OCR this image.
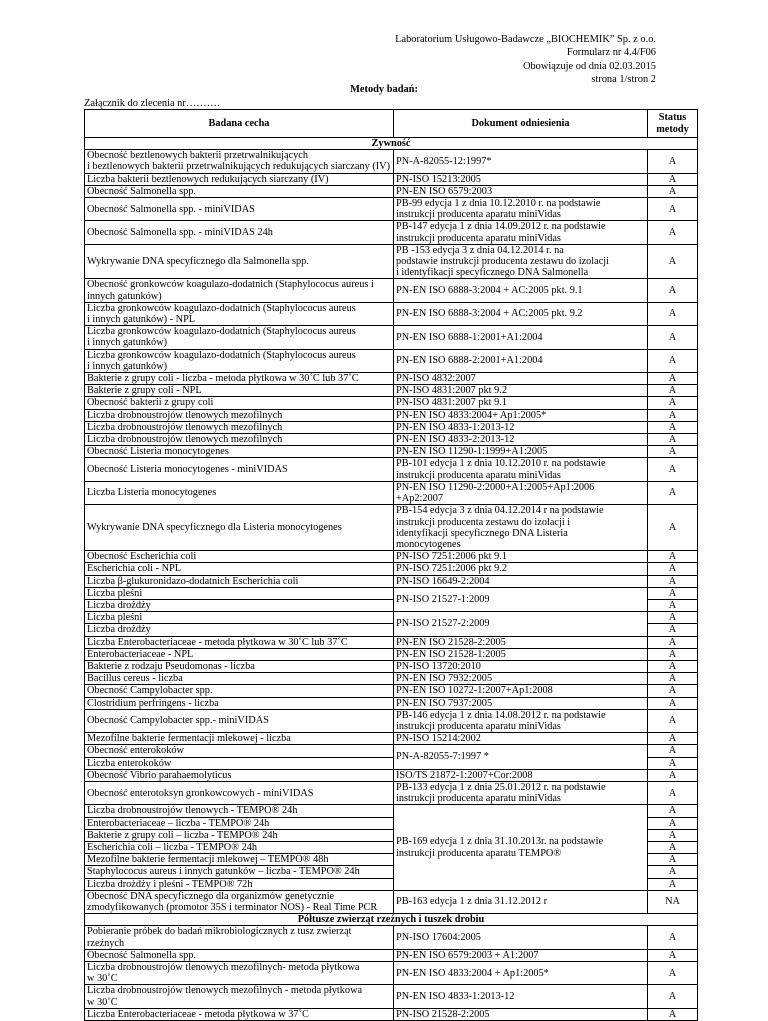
Laboratorium Usługowo-Badawcze „BIOCHEMIK” Sp. z o.o.
Formularz nr 4.4/F06
Obowiązuje od dnia 02.03.2015
strona 1/stron 2
Metody badań:
Załącznik do zlecenia nr……….
Badana cecha	Dokument odniesienia	Status metody
Żywność		
Obecność beztlenowych bakterii przetrwalnikujących
i beztlenowych bakterii przetrwalnikujących redukujących siarczany (IV)	PN-A-82055-12:1997*	A
Liczba bakterii beztlenowych redukujących siarczany (IV)	PN-ISO 15213:2005	A
Obecność Salmonella spp.	PN-EN ISO 6579:2003	A
Obecność Salmonella spp. - miniVIDAS	PB-99 edycja 1 z dnia 10.12.2010 r. na podstawie
instrukcji producenta aparatu miniVidas	A
Obecność Salmonella spp. - miniVIDAS 24h	PB-147 edycja 1 z dnia 14.09.2012 r. na podstawie
instrukcji producenta aparatu miniVidas	A
Wykrywanie DNA specyficznego dla Salmonella spp.	PB -153 edycja 3 z dnia 04.12.2014 r. na
podstawie instrukcji producenta zestawu do izolacji
i identyfikacji specyficznego DNA Salmonella	A
Obecność gronkowców koagulazo-dodatnich (Staphylococus aureus i
innych gatunków)	PN-EN ISO 6888-3:2004 + AC:2005 pkt. 9.1	A
Liczba gronkowców koagulazo-dodatnich (Staphylococus aureus
i innych gatunków) - NPL	PN-EN ISO 6888-3:2004 + AC:2005 pkt. 9.2	A
Liczba gronkowców koagulazo-dodatnich (Staphylococus aureus
i innych gatunków)	PN-EN ISO 6888-1:2001+A1:2004	A
Liczba gronkowców koagulazo-dodatnich (Staphylococus aureus
i innych gatunków)	PN-EN ISO 6888-2:2001+A1:2004	A
Bakterie z grupy coli - liczba - metoda płytkowa w 30˚C lub 37˚C	PN-ISO 4832:2007	A
Bakterie z grupy coli - NPL	PN-ISO 4831:2007 pkt 9.2	A
Obecność bakterii z grupy coli	PN-ISO 4831:2007 pkt 9.1	A
Liczba drobnoustrojów tlenowych mezofilnych	PN-EN ISO 4833:2004+ Ap1:2005*	A
Liczba drobnoustrojów tlenowych mezofilnych	PN-EN ISO 4833-1:2013-12	A
Liczba drobnoustrojów tlenowych mezofilnych	PN-EN ISO 4833-2:2013-12	A
Obecność Listeria monocytogenes	PN-EN ISO 11290-1:1999+A1:2005	A
Obecność Listeria monocytogenes - miniVIDAS	PB-101 edycja 1 z dnia 10.12.2010 r. na podstawie
instrukcji producenta aparatu miniVidas	A
Liczba Listeria monocytogenes	PN-EN ISO 11290-2:2000+A1:2005+Ap1:2006
+Ap2:2007	A
Wykrywanie DNA specyficznego dla Listeria monocytogenes	PB-154 edycja 3 z dnia 04.12.2014 r na podstawie
instrukcji producenta zestawu do izolacji i
identyfikacji specyficznego DNA Listeria
monocytogenes	A
Obecność Escherichia coli	PN-ISO 7251:2006 pkt 9.1	A
Escherichia coli - NPL	PN-ISO 7251:2006 pkt 9.2	A
Liczba β-glukuronidazo-dodatnich Escherichia coli	PN-ISO 16649-2:2004	A
Liczba pleśni	PN-ISO 21527-1:2009	A
Liczba drożdży		A
Liczba pleśni	PN-ISO 21527-2:2009	A
Liczba drożdży		A
Liczba Enterobacteriaceae - metoda płytkowa w 30˚C lub 37˚C	PN-EN ISO 21528-2:2005	A
Enterobacteriaceae - NPL	PN-EN ISO 21528-1:2005	A
Bakterie z rodzaju Pseudomonas - liczba	PN-ISO 13720:2010	A
Bacillus cereus - liczba	PN-EN ISO 7932:2005	A
Obecność Campylobacter spp.	PN-EN ISO 10272-1:2007+Ap1:2008	A
Clostridium perfringens - liczba	PN-EN ISO 7937:2005	A
Obecność Campylobacter spp.- miniVIDAS	PB-146 edycja 1 z dnia 14.08.2012 r. na podstawie
instrukcji producenta aparatu miniVidas	A
Mezofilne bakterie fermentacji mlekowej - liczba	PN-ISO 15214:2002	A
Obecność enterokoków	PN-A-82055-7:1997 *	A
Liczba enterokoków		A
Obecność Vibrio parahaemolyticus	ISO/TS 21872-1:2007+Cor:2008	A
Obecność enterotoksyn gronkowcowych - miniVIDAS	PB-133 edycja 1 z dnia 25.01.2012 r. na podstawie
instrukcji producenta aparatu miniVidas	A
Liczba drobnoustrojów tlenowych - TEMPO® 24h	PB-169 edycja 1 z dnia 31.10.2013r. na podstawie
instrukcji producenta aparatu TEMPO®	A
Enterobacteriaceae – liczba - TEMPO® 24h		A
Bakterie z grupy coli – liczba - TEMPO® 24h		A
Escherichia coli – liczba - TEMPO® 24h		A
Mezofilne bakterie fermentacji mlekowej – TEMPO® 48h		A
Staphylococus aureus i innych gatunków – liczba - TEMPO® 24h		A
Liczba drożdży i pleśni - TEMPO® 72h		A
Obecność DNA specyficznego dla organizmów genetycznie
zmodyfikowanych (promotor 35S i terminator NOS) - Real Time PCR	PB-163 edycja 1 z dnia 31.12.2012 r	NA
Półtusze zwierząt rzeźnych i tuszek drobiu		
Pobieranie próbek do badań mikrobiologicznych z tusz zwierząt rzeźnych	PN-ISO 17604:2005	A
Obecność Salmonella spp.	PN-EN ISO 6579:2003 + A1:2007	A
Liczba drobnoustrojów tlenowych mezofilnych- metoda płytkowa
w 30˚C	PN-EN ISO 4833:2004 + Ap1:2005*	A
Liczba drobnoustrojów tlenowych mezofilnych - metoda płytkowa
w 30˚C	PN-EN ISO 4833-1:2013-12	A
Liczba Enterobacteriaceae - metoda płytkowa w 37˚C	PN-ISO 21528-2:2005	A
